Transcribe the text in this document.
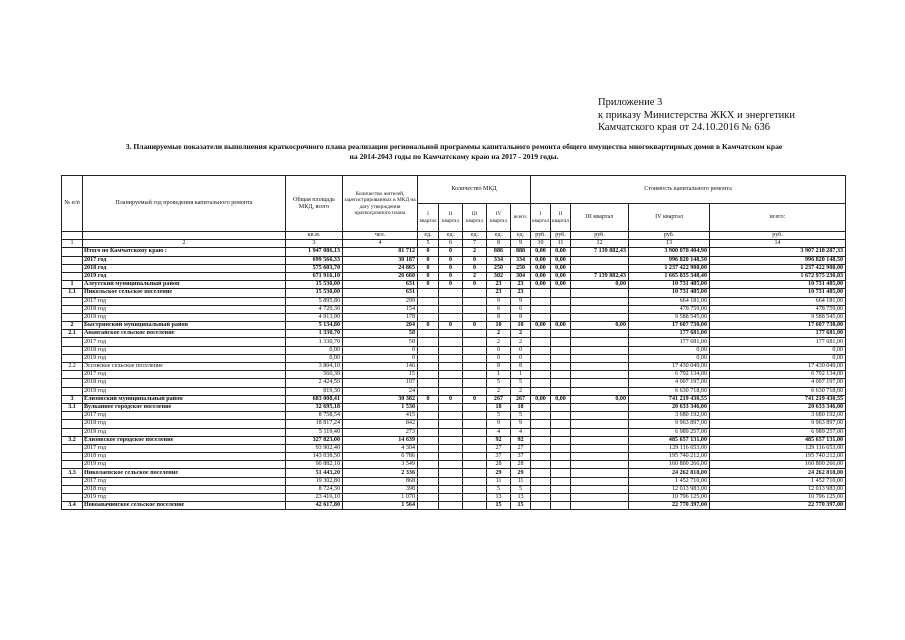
Приложение 3
к приказу Министерства ЖКХ и энергетики
Камчатского края от 24.10.2016 № 636
3. Планируемые показатели выполнения краткосрочного плана реализации региональной программы капитального ремонта общего имущества многоквартирных домов в Камчатском крае
на 2014-2043 годы по Камчатскому краю на 2017 - 2019 годы.
№ п/п	Планируемый год проведения капитального ремонта	Общая площадь МКД, всего	Количество жителей, зарегистрированных в МКД на дату утверждения краткосрочного плана	Количество МКД					Стоимость капитального ремонта				
				I квартал	II квартал	III квартал	IV квартал	всего:	I квартал	II квартал	III квартал	IV квартал	всего:
		кв.м.	чел.	ед.	ед.	ед.	ед.	ед.	руб.	руб.	руб.	руб.	руб.
1	2	3	4	5	6	7	8	9	10	11	12	13	14
	Итого по Камчатскому краю :	1 947 086,13	81 712	0	0	2	886	888	0,00	0,00	7 139 882,43	3 900 078 404,90	3 907 218 287,33
	2017 год	699 566,33	30 187	0	0	0	334	334	0,00	0,00		996 820 148,50	996 820 148,50
	2018 год	575 603,70	24 865	0	0	0	250	250	0,00	0,00		1 237 422 908,00	1 237 422 908,00
	2019 год	671 916,10	26 660	0	0	2	302	304	0,00	0,00	7 139 882,43	1 665 835 348,40	1 672 975 230,83
1	Алеутский муниципальный район	15 530,00	631	0	0	0	23	23	0,00	0,00	0,00	10 731 485,00	10 731 485,00
1.1	Никольское сельское поселение	15 530,00	631				23	23				10 731 485,00	10 731 485,00
	2017 год	5 895,80	299				9	9				664 181,00	664 181,00
	2018 год	4 720,30	154				6	6				478 759,00	478 759,00
	2019 год	4 913,90	178				8	8				9 588 545,00	9 588 545,00
2	Быстринский муниципальный район	5 134,80	204	0	0	0	10	10	0,00	0,00	0,00	17 607 730,00	17 607 730,00
2.1	Анавгайское сельское поселение	1 330,70	58				2	2				177 681,00	177 681,00
	2017 год	1 330,70	58				2	2				177 681,00	177 681,00
	2018 год	0,00	0				0	0				0,00	0,00
	2019 год	0,00	0				0	0				0,00	0,00
2.2	Эссовское сельское поселение	3 804,10	146				8	8				17 430 049,00	17 430 049,00
	2017 год	560,30	15				1	1				6 792 134,00	6 792 134,00
	2018 год	2 424,50	107				5	5				4 007 197,00	4 007 197,00
	2019 год	819,30	24				2	2				6 630 718,00	6 630 718,00
3	Елизовский муниципальный район	683 008,41	30 382	0	0	0	267	267	0,00	0,00	0,00	741 219 430,55	741 219 430,55
3.1	Вулканное городское поселение	32 695,18	1 530				18	18				20 633 346,00	20 633 346,00
	2017 год	8 758,54	415				5	5				3 680 192,00	3 680 192,00
	2018 год	18 817,24	842				9	9				9 963 897,00	9 963 897,00
	2019 год	5 119,40	273				4	4				6 989 257,00	6 989 257,00
3.2	Елизовское городское поселение	327 823,00	14 639				92	92				485 657 131,00	485 657 131,00
	2017 год	93 902,40	4 304				27	27				129 116 653,00	129 116 653,00
	2018 год	143 038,50	6 786				37	37				195 740 212,00	195 740 212,00
	2019 год	90 882,10	3 549				28	28				160 800 266,00	160 800 266,00
3.3	Николаевское сельское поселение	51 443,20	2 336				29	29				24 262 818,00	24 262 818,00
	2017 год	19 302,80	868				11	11				1 452 710,00	1 452 710,00
	2018 год	8 724,30	398				5	5				12 013 983,00	12 013 983,00
	2019 год	23 416,10	1 070				13	13				10 796 125,00	10 796 125,00
3.4	Новоавачинское сельское поселение	42 617,80	1 564				15	15				22 770 397,00	22 770 397,00
